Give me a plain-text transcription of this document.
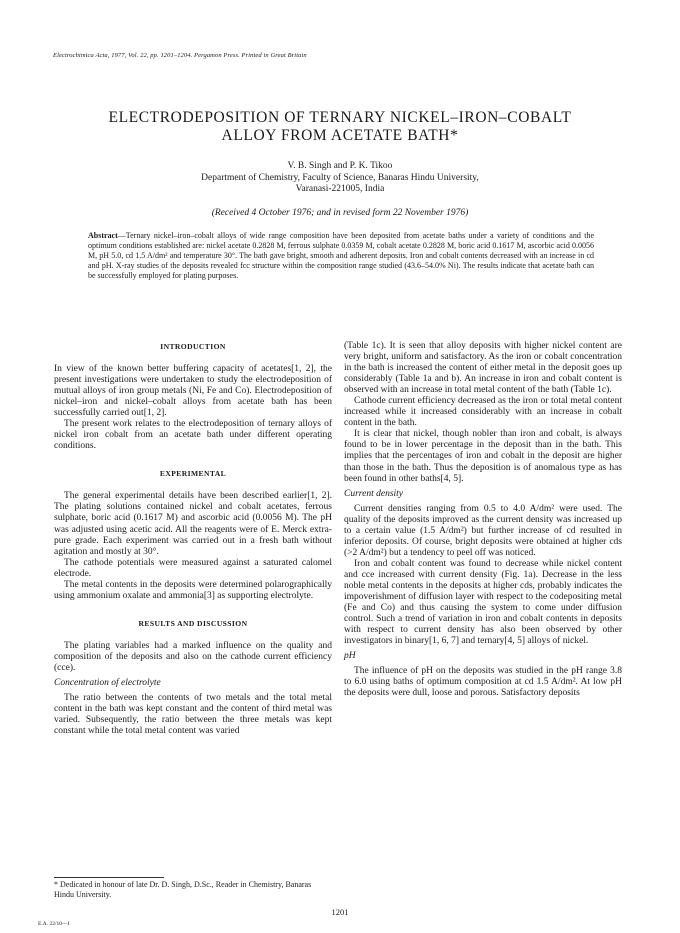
Electrochimica Acta, 1977, Vol. 22, pp. 1201–1204. Pergamon Press. Printed in Great Britain
ELECTRODEPOSITION OF TERNARY NICKEL–IRON–COBALT
ALLOY FROM ACETATE BATH*
V. B. Singh and P. K. Tikoo
Department of Chemistry, Faculty of Science, Banaras Hindu University,
Varanasi-221005, India
(Received 4 October 1976; and in revised form 22 November 1976)
Abstract—Ternary nickel–iron–cobalt alloys of wide range composition have been deposited from acetate baths under a variety of conditions and the optimum conditions established are: nickel acetate 0.2828 M, ferrous sulphate 0.0359 M, cobalt acetate 0.2828 M, boric acid 0.1617 M, ascorbic acid 0.0056 M, pH 5.0, cd 1.5 A/dm² and temperature 30°. The bath gave bright, smooth and adherent deposits. Iron and cobalt contents decreased with an increase in cd and pH. X-ray studies of the deposits revealed fcc structure within the composition range studied (43.6–54.0% Ni). The results indicate that acetate bath can be successfully employed for plating purposes.
INTRODUCTION

In view of the known better buffering capacity of acetates[1, 2], the present investigations were undertaken to study the electrodeposition of mutual alloys of iron group metals (Ni, Fe and Co). Electrodeposition of nickel–iron and nickel–cobalt alloys from acetate bath has been successfully carried out[1, 2].

The present work relates to the electrodeposition of ternary alloys of nickel iron cobalt from an acetate bath under different operating conditions.

EXPERIMENTAL

The general experimental details have been described earlier[1, 2]. The plating solutions contained nickel and cobalt acetates, ferrous sulphate, boric acid (0.1617 M) and ascorbic acid (0.0056 M). The pH was adjusted using acetic acid. All the reagents were of E. Merck extra-pure grade. Each experiment was carried out in a fresh bath without agitation and mostly at 30°.

The cathode potentials were measured against a saturated calomel electrode.

The metal contents in the deposits were determined polarographically using ammonium oxalate and ammonia[3] as supporting electrolyte.

RESULTS AND DISCUSSION

The plating variables had a marked influence on the quality and composition of the deposits and also on the cathode current efficiency (cce).

Concentration of electrolyte

The ratio between the contents of two metals and the total metal content in the bath was kept constant and the content of third metal was varied. Subsequently, the ratio between the three metals was kept constant while the total metal content was varied

(Table 1c). It is seen that alloy deposits with higher nickel content are very bright, uniform and satisfactory. As the iron or cobalt concentration in the bath is increased the content of either metal in the deposit goes up considerably (Table 1a and b). An increase in iron and cobalt content is observed with an increase in total metal content of the bath (Table 1c).

Cathode current efficiency decreased as the iron or total metal content increased while it increased considerably with an increase in cobalt content in the bath.

It is clear that nickel, though nobler than iron and cobalt, is always found to be in lower percentage in the deposit than in the bath. This implies that the percentages of iron and cobalt in the deposit are higher than those in the bath. Thus the deposition is of anomalous type as has been found in other baths[4, 5].

Current density

Current densities ranging from 0.5 to 4.0 A/dm² were used. The quality of the deposits improved as the current density was increased up to a certain value (1.5 A/dm²) but further increase of cd resulted in inferior deposits. Of course, bright deposits were obtained at higher cds (>2 A/dm²) but a tendency to peel off was noticed.

Iron and cobalt content was found to decrease while nickel content and cce increased with current density (Fig. 1a). Decrease in the less noble metal contents in the deposits at higher cds, probably indicates the impoverishment of diffusion layer with respect to the codepositing metal (Fe and Co) and thus causing the system to come under diffusion control. Such a trend of variation in iron and cobalt contents in deposits with respect to current density has also been observed by other investigators in binary[1, 6, 7] and ternary[4, 5] alloys of nickel.

pH

The influence of pH on the deposits was studied in the pH range 3.8 to 6.0 using baths of optimum composition at cd 1.5 A/dm². At low pH the deposits were dull, loose and porous. Satisfactory deposits

* Dedicated in honour of late Dr. D. Singh, D.Sc., Reader in Chemistry, Banaras Hindu University.
1201
E.A. 22/10—I
